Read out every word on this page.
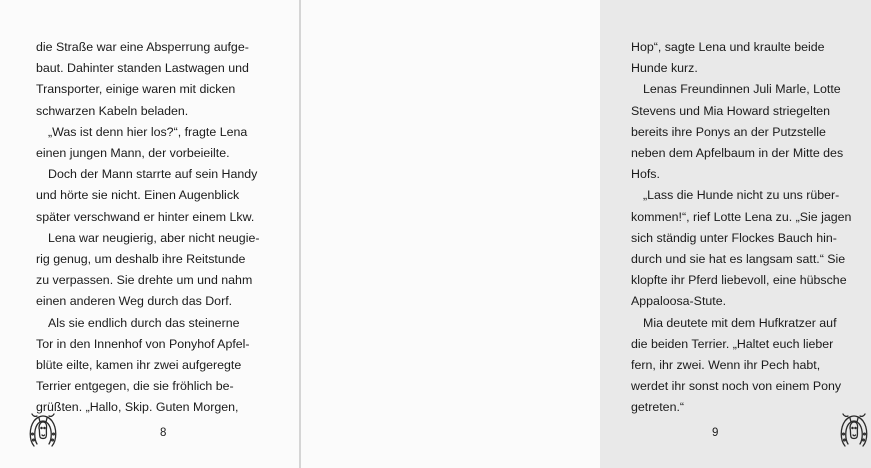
die Straße war eine Absperrung aufge-
baut. Dahinter standen Lastwagen und
Transporter, einige waren mit dicken
schwarzen Kabeln beladen.
„Was ist denn hier los?“, fragte Lena
einen jungen Mann, der vorbeieilte.
Doch der Mann starrte auf sein Handy
und hörte sie nicht. Einen Augenblick
später verschwand er hinter einem Lkw.
Lena war neugierig, aber nicht neugie-
rig genug, um deshalb ihre Reitstunde
zu verpassen. Sie drehte um und nahm
einen anderen Weg durch das Dorf.
Als sie endlich durch das steinerne
Tor in den Innenhof von Ponyhof Apfel-
blüte eilte, kamen ihr zwei aufgeregte
Terrier entgegen, die sie fröhlich be-
grüßten. „Hallo, Skip. Guten Morgen,
8
Hop“, sagte Lena und kraulte beide
Hunde kurz.
Lenas Freundinnen Juli Marle, Lotte
Stevens und Mia Howard striegelten
bereits ihre Ponys an der Putzstelle
neben dem Apfelbaum in der Mitte des
Hofs.
„Lass die Hunde nicht zu uns rüber-
kommen!“, rief Lotte Lena zu. „Sie jagen
sich ständig unter Flockes Bauch hin-
durch und sie hat es langsam satt.“ Sie
klopfte ihr Pferd liebevoll, eine hübsche
Appaloosa-Stute.
Mia deutete mit dem Hufkratzer auf
die beiden Terrier. „Haltet euch lieber
fern, ihr zwei. Wenn ihr Pech habt,
werdet ihr sonst noch von einem Pony
getreten.“
9
